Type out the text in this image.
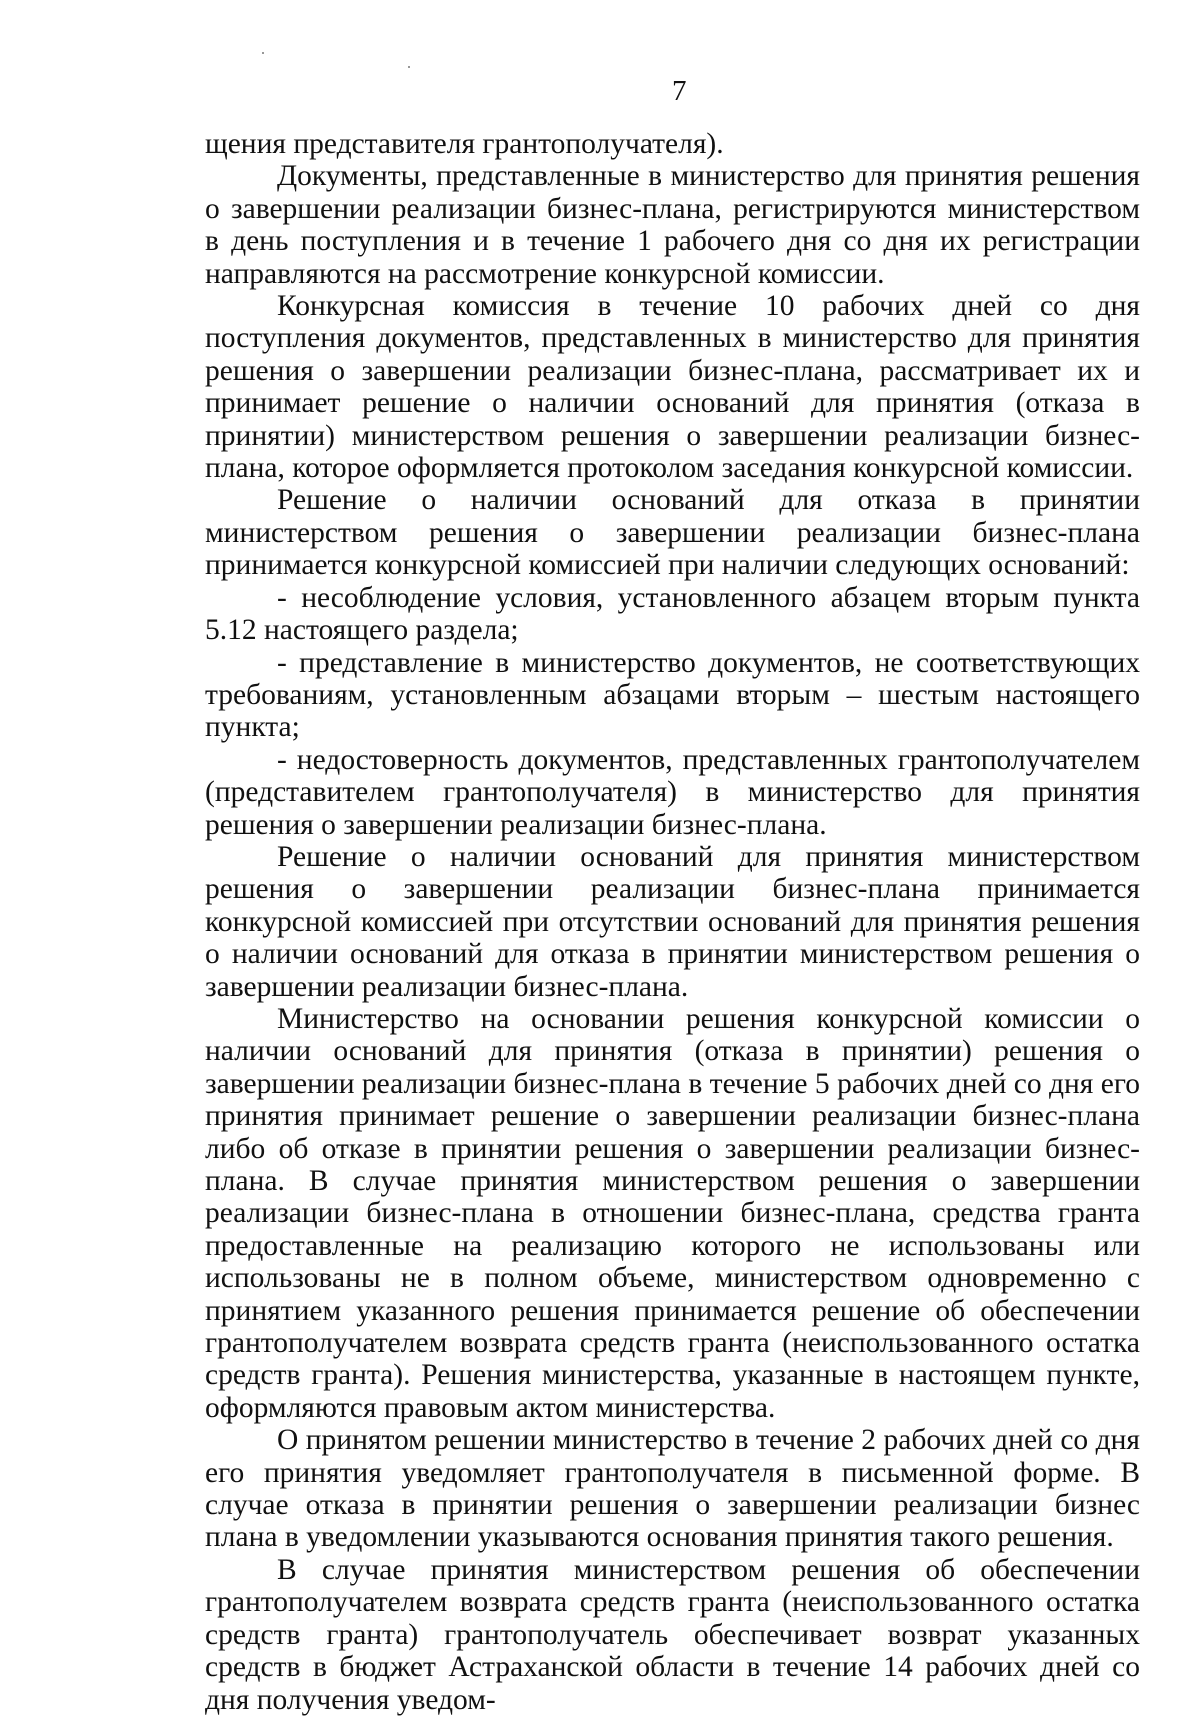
7

щения представителя грантополучателя).

Документы, представленные в министерство для принятия решения о завершении реализации бизнес-плана, регистрируются министерством в день поступления и в течение 1 рабочего дня со дня их регистрации направляются на рассмотрение конкурсной комиссии.

Конкурсная комиссия в течение 10 рабочих дней со дня поступления документов, представленных в министерство для принятия решения о завершении реализации бизнес-плана, рассматривает их и принимает решение о наличии оснований для принятия (отказа в принятии) министерством решения о завершении реализации бизнес-плана, которое оформляется протоколом заседания конкурсной комиссии.

Решение о наличии оснований для отказа в принятии министерством решения о завершении реализации бизнес-плана принимается конкурсной комиссией при наличии следующих оснований:

- несоблюдение условия, установленного абзацем вторым пункта 5.12 настоящего раздела;

- представление в министерство документов, не соответствующих требованиям, установленным абзацами вторым – шестым настоящего пункта;

- недостоверность документов, представленных грантополучателем (представителем грантополучателя) в министерство для принятия решения о завершении реализации бизнес-плана.

Решение о наличии оснований для принятия министерством решения о завершении реализации бизнес-плана принимается конкурсной комиссией при отсутствии оснований для принятия решения о наличии оснований для отказа в принятии министерством решения о завершении реализации бизнес-плана.

Министерство на основании решения конкурсной комиссии о наличии оснований для принятия (отказа в принятии) решения о завершении реализации бизнес-плана в течение 5 рабочих дней со дня его принятия принимает решение о завершении реализации бизнес-плана либо об отказе в принятии решения о завершении реализации бизнес-плана. В случае принятия министерством решения о завершении реализации бизнес-плана в отношении бизнес-плана, средства гранта предоставленные на реализацию которого не использованы или использованы не в полном объеме, министерством одновременно с принятием указанного решения принимается решение об обеспечении грантополучателем возврата средств гранта (неиспользованного остатка средств гранта). Решения министерства, указанные в настоящем пункте, оформляются правовым актом министерства.

О принятом решении министерство в течение 2 рабочих дней со дня его принятия уведомляет грантополучателя в письменной форме. В случае отказа в принятии решения о завершении реализации бизнес плана в уведомлении указываются основания принятия такого решения.

В случае принятия министерством решения об обеспечении грантополучателем возврата средств гранта (неиспользованного остатка средств гранта) грантополучатель обеспечивает возврат указанных средств в бюджет Астраханской области в течение 14 рабочих дней со дня получения уведом-
